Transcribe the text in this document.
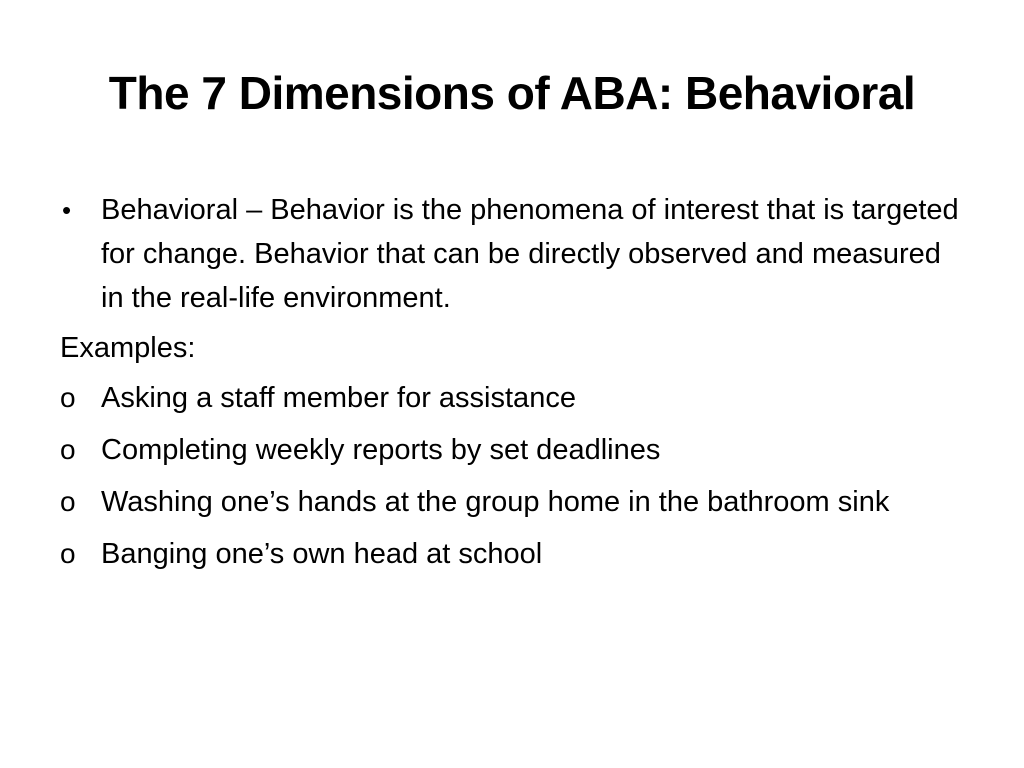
The 7 Dimensions of ABA: Behavioral

•	Behavioral – Behavior is the phenomena of interest that is targeted for change. Behavior that can be directly observed and measured in the real-life environment.

Examples:

o Asking a staff member for assistance

o Completing weekly reports by set deadlines

o Washing one’s hands at the group home in the bathroom sink

o Banging one’s own head at school
